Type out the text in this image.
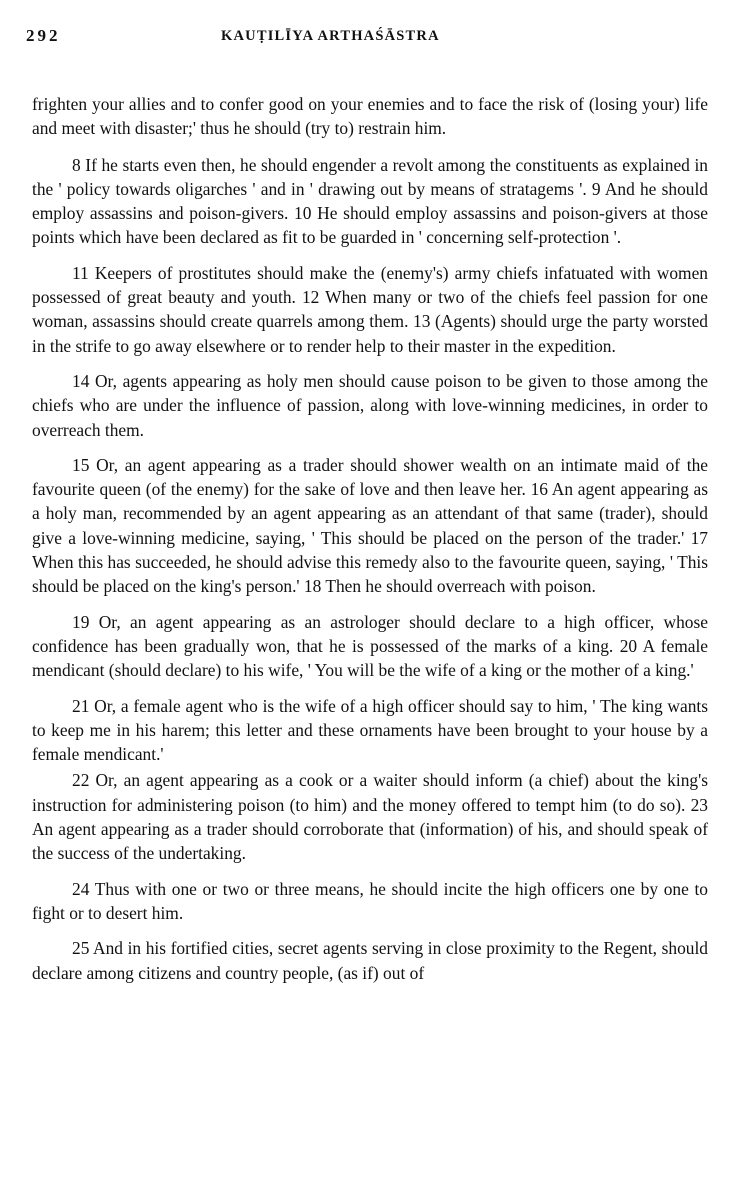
292	KAUṬILĪYA ARTHAŚĀSTRA

frighten your allies and to confer good on your enemies and to face the risk of (losing your) life and meet with disaster;' thus he should (try to) restrain him.

8 If he starts even then, he should engender a revolt among the constituents as explained in the ' policy towards oligarches ' and in ' drawing out by means of stratagems '. 9 And he should employ assassins and poison-givers. 10 He should employ assassins and poison-givers at those points which have been declared as fit to be guarded in ' concerning self-protection '.

11 Keepers of prostitutes should make the (enemy's) army chiefs infatuated with women possessed of great beauty and youth. 12 When many or two of the chiefs feel passion for one woman, assassins should create quarrels among them. 13 (Agents) should urge the party worsted in the strife to go away elsewhere or to render help to their master in the expedition.

14 Or, agents appearing as holy men should cause poison to be given to those among the chiefs who are under the influence of passion, along with love-winning medicines, in order to overreach them.

15 Or, an agent appearing as a trader should shower wealth on an intimate maid of the favourite queen (of the enemy) for the sake of love and then leave her. 16 An agent appearing as a holy man, recommended by an agent appearing as an attendant of that same (trader), should give a love-winning medicine, saying, ' This should be placed on the person of the trader.' 17 When this has succeeded, he should advise this remedy also to the favourite queen, saying, ' This should be placed on the king's person.' 18 Then he should overreach with poison.

19 Or, an agent appearing as an astrologer should declare to a high officer, whose confidence has been gradually won, that he is possessed of the marks of a king. 20 A female mendicant (should declare) to his wife, ' You will be the wife of a king or the mother of a king.'

21 Or, a female agent who is the wife of a high officer should say to him, ' The king wants to keep me in his harem; this letter and these ornaments have been brought to your house by a female mendicant.'

22 Or, an agent appearing as a cook or a waiter should inform (a chief) about the king's instruction for administering poison (to him) and the money offered to tempt him (to do so). 23 An agent appearing as a trader should corroborate that (information) of his, and should speak of the success of the undertaking.

24 Thus with one or two or three means, he should incite the high officers one by one to fight or to desert him.

25 And in his fortified cities, secret agents serving in close proximity to the Regent, should declare among citizens and country people, (as if) out of
